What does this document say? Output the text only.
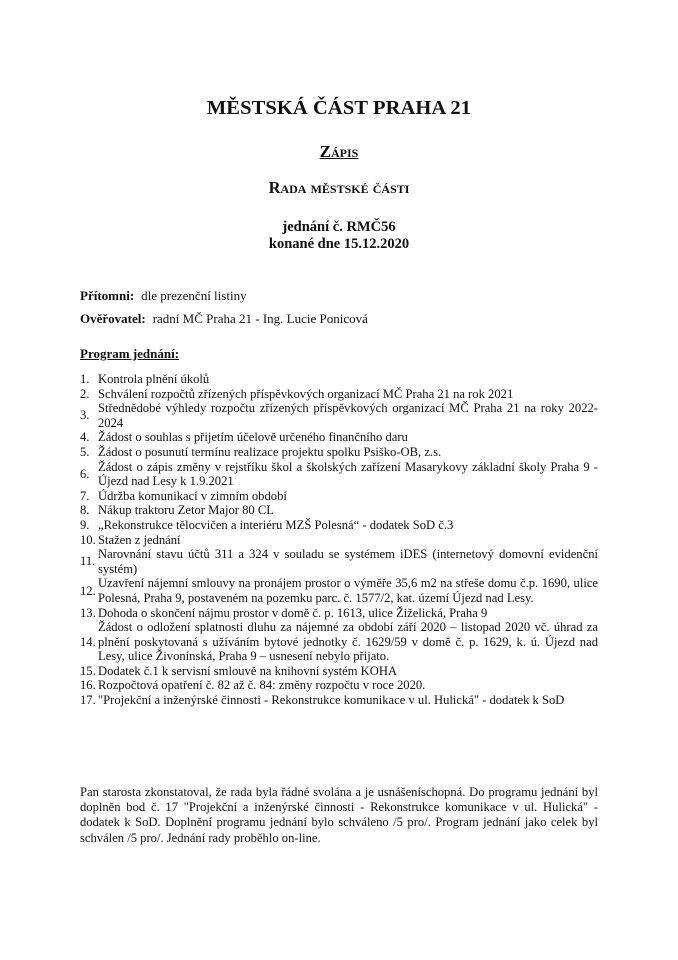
MĚSTSKÁ ČÁST PRAHA 21
Zápis
Rada městské části
jednání č. RMČ56
konané dne 15.12.2020
Přítomni: dle prezenční listiny
Ověřovatel: radní MČ Praha 21 - Ing. Lucie Ponicová
Program jednání:
1. Kontrola plnění úkolů
2. Schválení rozpočtů zřízených příspěvkových organizací MČ Praha 21 na rok 2021
3.
Střednědobé výhledy rozpočtu zřízených příspěvkových organizací MČ Praha 21 na roky 2022-2024
4. Žádost o souhlas s přijetím účelově určeného finančního daru
5. Žádost o posunutí termínu realizace projektu spolku Psiško-OB, z.s.
6.
Žádost o zápis změny v rejstříku škol a školských zařízení Masarykovy základní školy Praha 9 - Újezd nad Lesy k 1.9.2021
7. Údržba komunikací v zimním období
8. Nákup traktoru Zetor Major 80 CL
9. „Rekonstrukce tělocvičen a interiéru MZŠ Polesná“ - dodatek SoD č.3
10. Stažen z jednání
11.
Narovnání stavu účtů 311 a 324 v souladu se systémem iDES (internetový domovní evidenční systém)
12.
Uzavření nájemní smlouvy na pronájem prostor o výměře 35,6 m2 na střeše domu č.p. 1690, ulice Polesná, Praha 9, postaveném na pozemku parc. č. 1577/2, kat. území Újezd nad Lesy.
13. Dohoda o skončení nájmu prostor v domě č. p. 1613, ulice Žiželická, Praha 9
14.
Žádost o odložení splatnosti dluhu za nájemné za období září 2020 – listopad 2020 vč. úhrad za plnění poskytovaná s užíváním bytové jednotky č. 1629/59 v domě č. p. 1629, k. ú. Újezd nad Lesy, ulice Živonínská, Praha 9 – usnesení nebylo přijato.
15. Dodatek č.1 k servisní smlouvě na knihovní systém KOHA
16. Rozpočtová opatření č. 82 až č. 84: změny rozpočtu v roce 2020.
17. "Projekční a inženýrské činnosti - Rekonstrukce komunikace v ul. Hulická" - dodatek k SoD
Pan starosta zkonstatoval, že rada byla řádné svolána a je usnášeníschopná. Do programu jednání byl doplněn bod č. 17 "Projekční a inženýrské činnosti - Rekonstrukce komunikace v ul. Hulická" - dodatek k SoD. Doplnění programu jednání bylo schváleno /5 pro/. Program jednání jako celek byl schválen /5 pro/. Jednání rady proběhlo on-line.
